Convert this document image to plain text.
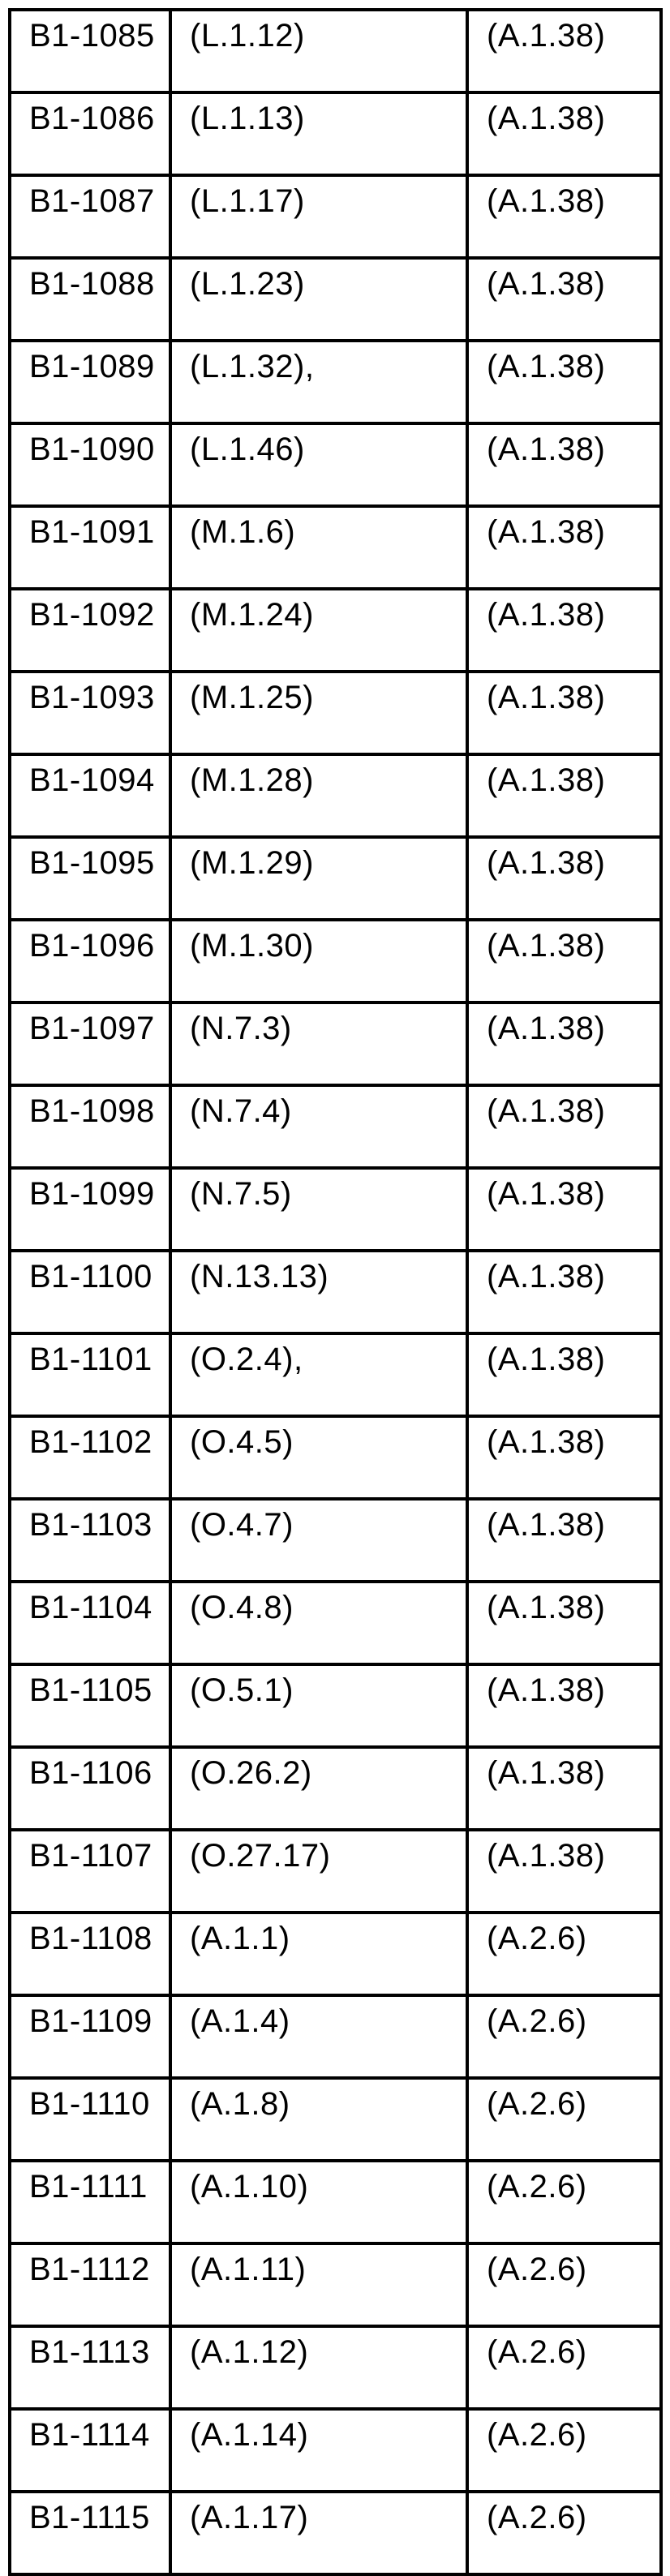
B1-1085	(L.1.12)	(A.1.38)
B1-1086	(L.1.13)	(A.1.38)
B1-1087	(L.1.17)	(A.1.38)
B1-1088	(L.1.23)	(A.1.38)
B1-1089	(L.1.32),	(A.1.38)
B1-1090	(L.1.46)	(A.1.38)
B1-1091	(M.1.6)	(A.1.38)
B1-1092	(M.1.24)	(A.1.38)
B1-1093	(M.1.25)	(A.1.38)
B1-1094	(M.1.28)	(A.1.38)
B1-1095	(M.1.29)	(A.1.38)
B1-1096	(M.1.30)	(A.1.38)
B1-1097	(N.7.3)	(A.1.38)
B1-1098	(N.7.4)	(A.1.38)
B1-1099	(N.7.5)	(A.1.38)
B1-1100	(N.13.13)	(A.1.38)
B1-1101	(O.2.4),	(A.1.38)
B1-1102	(O.4.5)	(A.1.38)
B1-1103	(O.4.7)	(A.1.38)
B1-1104	(O.4.8)	(A.1.38)
B1-1105	(O.5.1)	(A.1.38)
B1-1106	(O.26.2)	(A.1.38)
B1-1107	(O.27.17)	(A.1.38)
B1-1108	(A.1.1)	(A.2.6)
B1-1109	(A.1.4)	(A.2.6)
B1-1110	(A.1.8)	(A.2.6)
B1-1111	(A.1.10)	(A.2.6)
B1-1112	(A.1.11)	(A.2.6)
B1-1113	(A.1.12)	(A.2.6)
B1-1114	(A.1.14)	(A.2.6)
B1-1115	(A.1.17)	(A.2.6)
